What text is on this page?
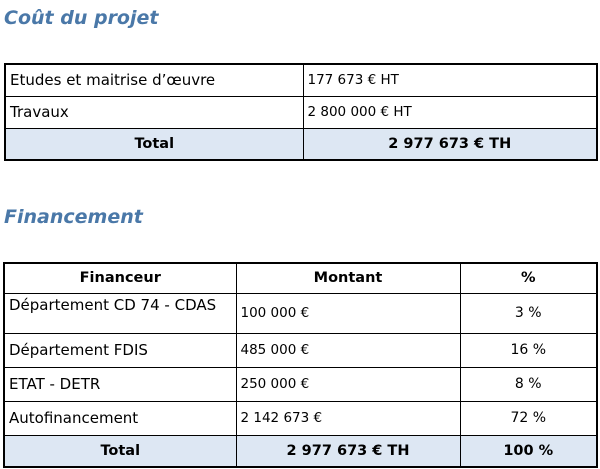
Coût du projet
Etudes et maitrise d’œuvre	177 673 € HT
Travaux	2 800 000 € HT
Total	2 977 673 € TH
Financement
Financeur	Montant	%
Département CD 74 - CDAS	100 000 €	3 %
Département FDIS	485 000 €	16 %
ETAT - DETR	250 000 €	8 %
Autofinancement	2 142 673 €	72 %
Total	2 977 673 € TH	100 %
